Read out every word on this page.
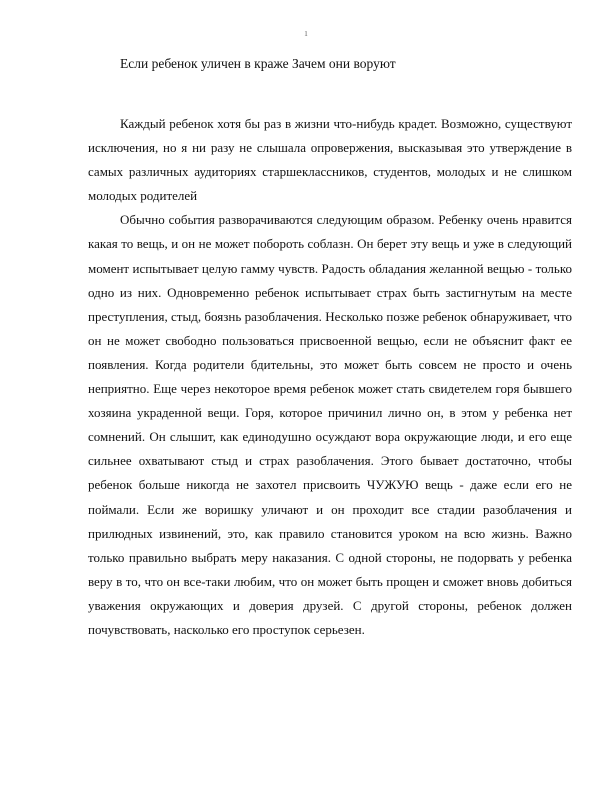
1
Если ребенок уличен в краже Зачем они воруют

Каждый ребенок хотя бы раз в жизни что-нибудь крадет. Возможно, существуют исключения, но я ни разу не слышала опровержения, высказывая это утверждение в самых различных аудиториях старшеклассников, студентов, молодых и не слишком молодых родителей

Обычно события разворачиваются следующим образом. Ребенку очень нравится какая то вещь, и он не может побороть соблазн. Он берет эту вещь и уже в следующий момент испытывает целую гамму чувств. Радость обладания желанной вещью - только одно из них. Одновременно ребенок испытывает страх быть застигнутым на месте преступления, стыд, боязнь разоблачения. Несколько позже ребенок обнаруживает, что он не может свободно пользоваться присвоенной вещью, если не объяснит факт ее появления. Когда родители бдительны, это может быть совсем не просто и очень неприятно. Еще через некоторое время ребенок может стать свидетелем горя бывшего хозяина украденной вещи. Горя, которое причинил лично он, в этом у ребенка нет сомнений. Он слышит, как единодушно осуждают вора окружающие люди, и его еще сильнее охватывают стыд и страх разоблачения. Этого бывает достаточно, чтобы ребенок больше никогда не захотел присвоить ЧУЖУЮ вещь - даже если его не поймали. Если же воришку уличают и он проходит все стадии разоблачения и прилюдных извинений, это, как правило становится уроком на всю жизнь. Важно только правильно выбрать меру наказания. С одной стороны, не подорвать у ребенка веру в то, что он все-таки любим, что он может быть прощен и сможет вновь добиться уважения окружающих и доверия друзей. С другой стороны, ребенок должен почувствовать, насколько его проступок серьезен.
